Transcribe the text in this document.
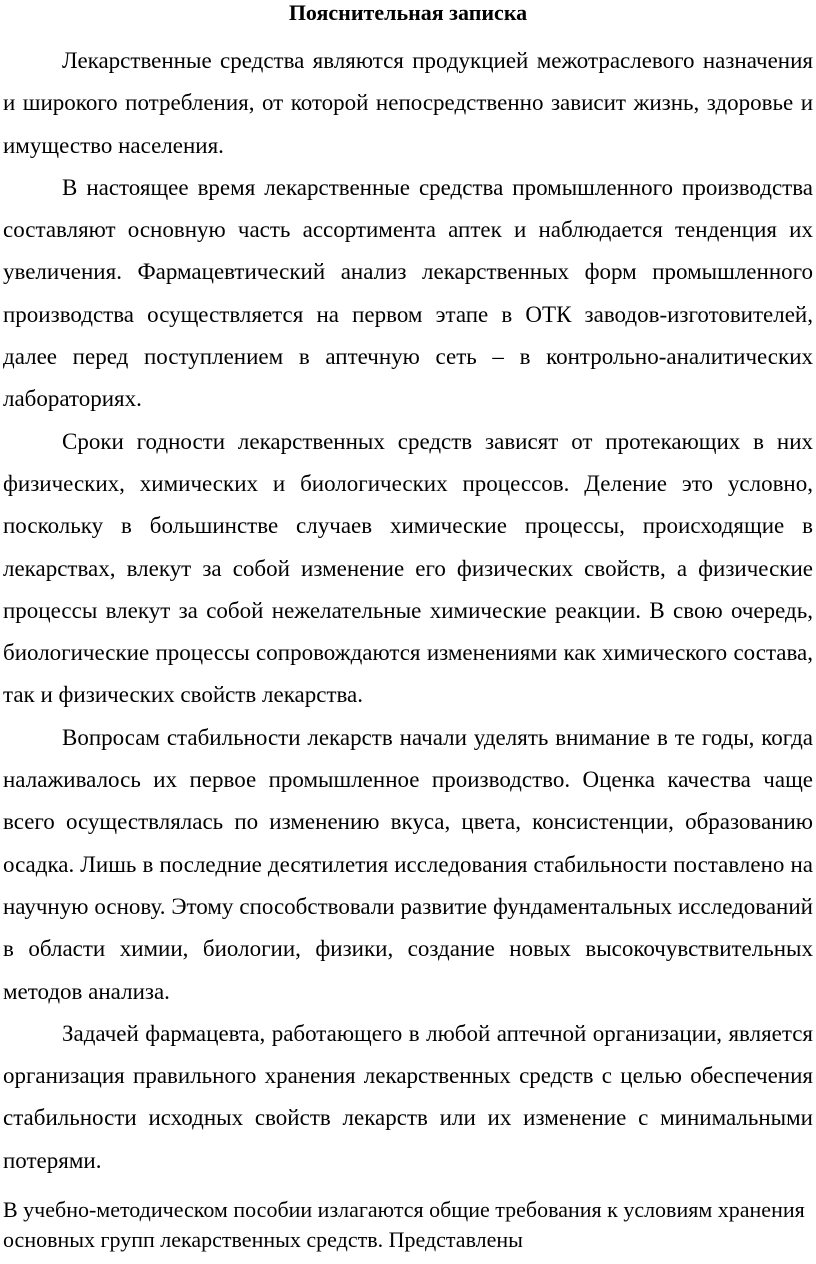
Пояснительная записка

Лекарственные средства являются продукцией межотраслевого назначения и широкого потребления, от которой непосредственно зависит жизнь, здоровье и имущество населения.

В настоящее время лекарственные средства промышленного производства составляют основную часть ассортимента аптек и наблюдается тенденция их увеличения. Фармацевтический анализ лекарственных форм промышленного производства осуществляется на первом этапе в ОТК заводов-изготовителей, далее перед поступлением в аптечную сеть – в контрольно-аналитических лабораториях.

Сроки годности лекарственных средств зависят от протекающих в них физических, химических и биологических процессов. Деление это условно, поскольку в большинстве случаев химические процессы, происходящие в лекарствах, влекут за собой изменение его физических свойств, а физические процессы влекут за собой нежелательные химические реакции. В свою очередь, биологические процессы сопровождаются изменениями как химического состава, так и физических свойств лекарства.

Вопросам стабильности лекарств начали уделять внимание в те годы, когда налаживалось их первое промышленное производство. Оценка качества чаще всего осуществлялась по изменению вкуса, цвета, консистенции, образованию осадка. Лишь в последние десятилетия исследования стабильности поставлено на научную основу. Этому способствовали развитие фундаментальных исследований в области химии, биологии, физики, создание новых высокочувствительных методов анализа.

Задачей фармацевта, работающего в любой аптечной организации, является организация правильного хранения лекарственных средств с целью обеспечения стабильности исходных свойств лекарств или их изменение с минимальными потерями.

В учебно-методическом пособии излагаются общие требования к условиям хранения основных групп лекарственных средств. Представлены
